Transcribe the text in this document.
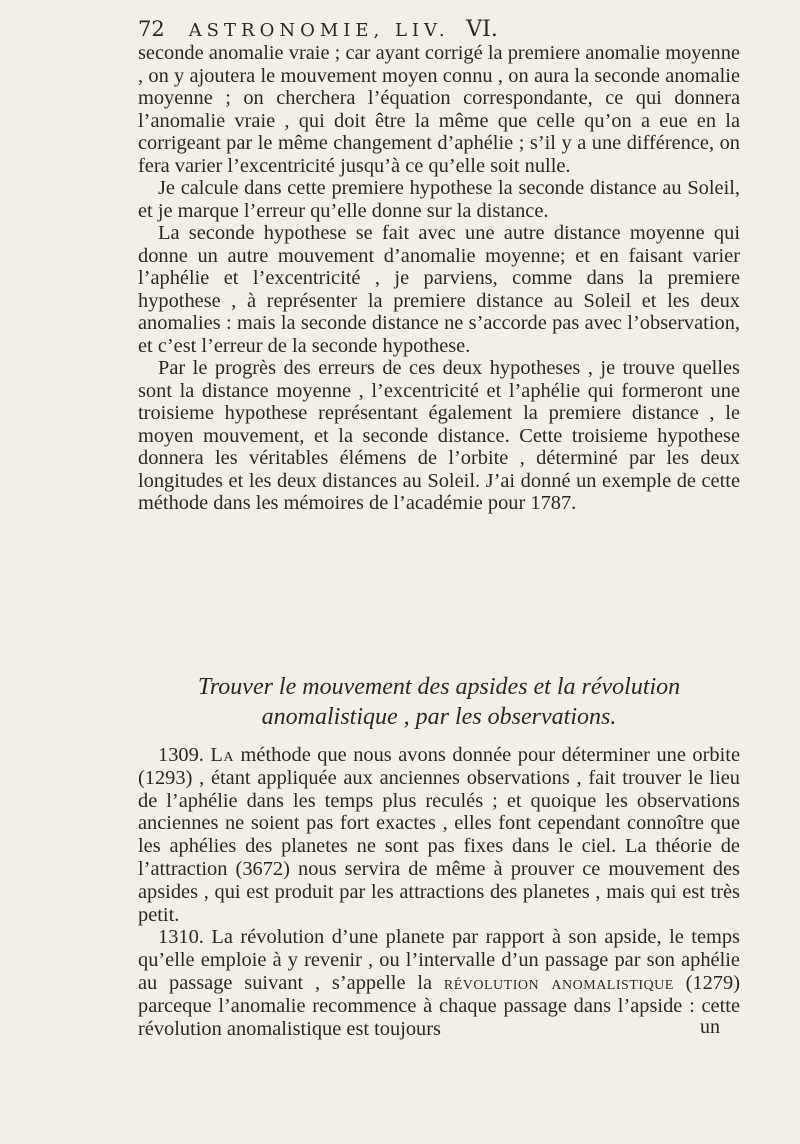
72 ASTRONOMIE, LIV. VI.

seconde anomalie vraie ; car ayant corrigé la premiere anomalie moyenne , on y ajoutera le mouvement moyen connu , on aura la seconde anomalie moyenne ; on cherchera l’équation correspondante, ce qui donnera l’anomalie vraie , qui doit être la même que celle qu’on a eue en la corrigeant par le même changement d’aphélie ; s’il y a une différence, on fera varier l’excentricité jusqu’à ce qu’elle soit nulle.

Je calcule dans cette premiere hypothese la seconde distance au Soleil, et je marque l’erreur qu’elle donne sur la distance.

La seconde hypothese se fait avec une autre distance moyenne qui donne un autre mouvement d’anomalie moyenne; et en faisant varier l’aphélie et l’excentricité , je parviens, comme dans la premiere hypothese , à représenter la premiere distance au Soleil et les deux anomalies : mais la seconde distance ne s’accorde pas avec l’observation, et c’est l’erreur de la seconde hypothese.

Par le progrès des erreurs de ces deux hypotheses , je trouve quelles sont la distance moyenne , l’excentricité et l’aphélie qui formeront une troisieme hypothese représentant également la premiere distance , le moyen mouvement, et la seconde distance. Cette troisieme hypothese donnera les véritables élémens de l’orbite , déterminé par les deux longitudes et les deux distances au Soleil. J’ai donné un exemple de cette méthode dans les mémoires de l’académie pour 1787.

Trouver le mouvement des apsides et la révolution
anomalistique , par les observations.

1309. La méthode que nous avons donnée pour déterminer une orbite (1293) , étant appliquée aux anciennes observations , fait trouver le lieu de l’aphélie dans les temps plus reculés ; et quoique les observations anciennes ne soient pas fort exactes , elles font cependant connoître que les aphélies des planetes ne sont pas fixes dans le ciel. La théorie de l’attraction (3672) nous servira de même à prouver ce mouvement des apsides , qui est produit par les attractions des planetes , mais qui est très petit.

1310. La révolution d’une planete par rapport à son apside, le temps qu’elle emploie à y revenir , ou l’intervalle d’un passage par son aphélie au passage suivant , s’appelle la révolution anomalistique (1279) parceque l’anomalie recommence à chaque passage dans l’apside : cette révolution anomalistique est toujours	un
